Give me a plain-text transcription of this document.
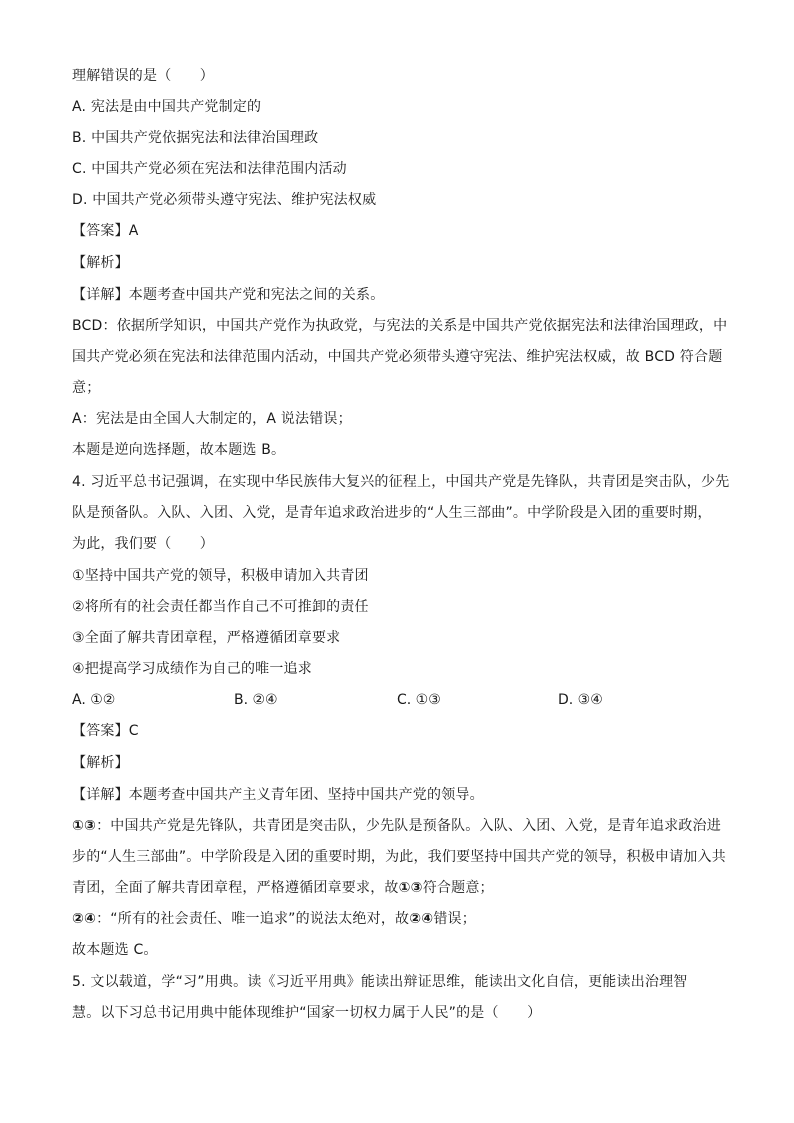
理解错误的是（　　）
A. 宪法是由中国共产党制定的
B. 中国共产党依据宪法和法律治国理政
C. 中国共产党必须在宪法和法律范围内活动
D. 中国共产党必须带头遵守宪法、维护宪法权威
【答案】A
【解析】
【详解】本题考查中国共产党和宪法之间的关系。
BCD：依据所学知识，中国共产党作为执政党，与宪法的关系是中国共产党依据宪法和法律治国理政，中
国共产党必须在宪法和法律范围内活动，中国共产党必须带头遵守宪法、维护宪法权威，故 BCD 符合题
意；
A：宪法是由全国人大制定的，A 说法错误；
本题是逆向选择题，故本题选 B。
4. 习近平总书记强调，在实现中华民族伟大复兴的征程上，中国共产党是先锋队，共青团是突击队，少先
队是预备队。入队、入团、入党，是青年追求政治进步的“人生三部曲”。中学阶段是入团的重要时期，
为此，我们要（　　）
①坚持中国共产党的领导，积极申请加入共青团
②将所有的社会责任都当作自己不可推卸的责任
③全面了解共青团章程，严格遵循团章要求
④把提高学习成绩作为自己的唯一追求
A. ①②	B. ②④	C. ①③	D. ③④
【答案】C
【解析】
【详解】本题考查中国共产主义青年团、坚持中国共产党的领导。
①③：中国共产党是先锋队，共青团是突击队，少先队是预备队。入队、入团、入党，是青年追求政治进
步的“人生三部曲”。中学阶段是入团的重要时期，为此，我们要坚持中国共产党的领导，积极申请加入共
青团，全面了解共青团章程，严格遵循团章要求，故①③符合题意；
②④：“所有的社会责任、唯一追求”的说法太绝对，故②④错误；
故本题选 C。
5. 文以载道，学“习”用典。读《习近平用典》能读出辩证思维，能读出文化自信，更能读出治理智
慧。以下习总书记用典中能体现维护“国家一切权力属于人民”的是（　　）
